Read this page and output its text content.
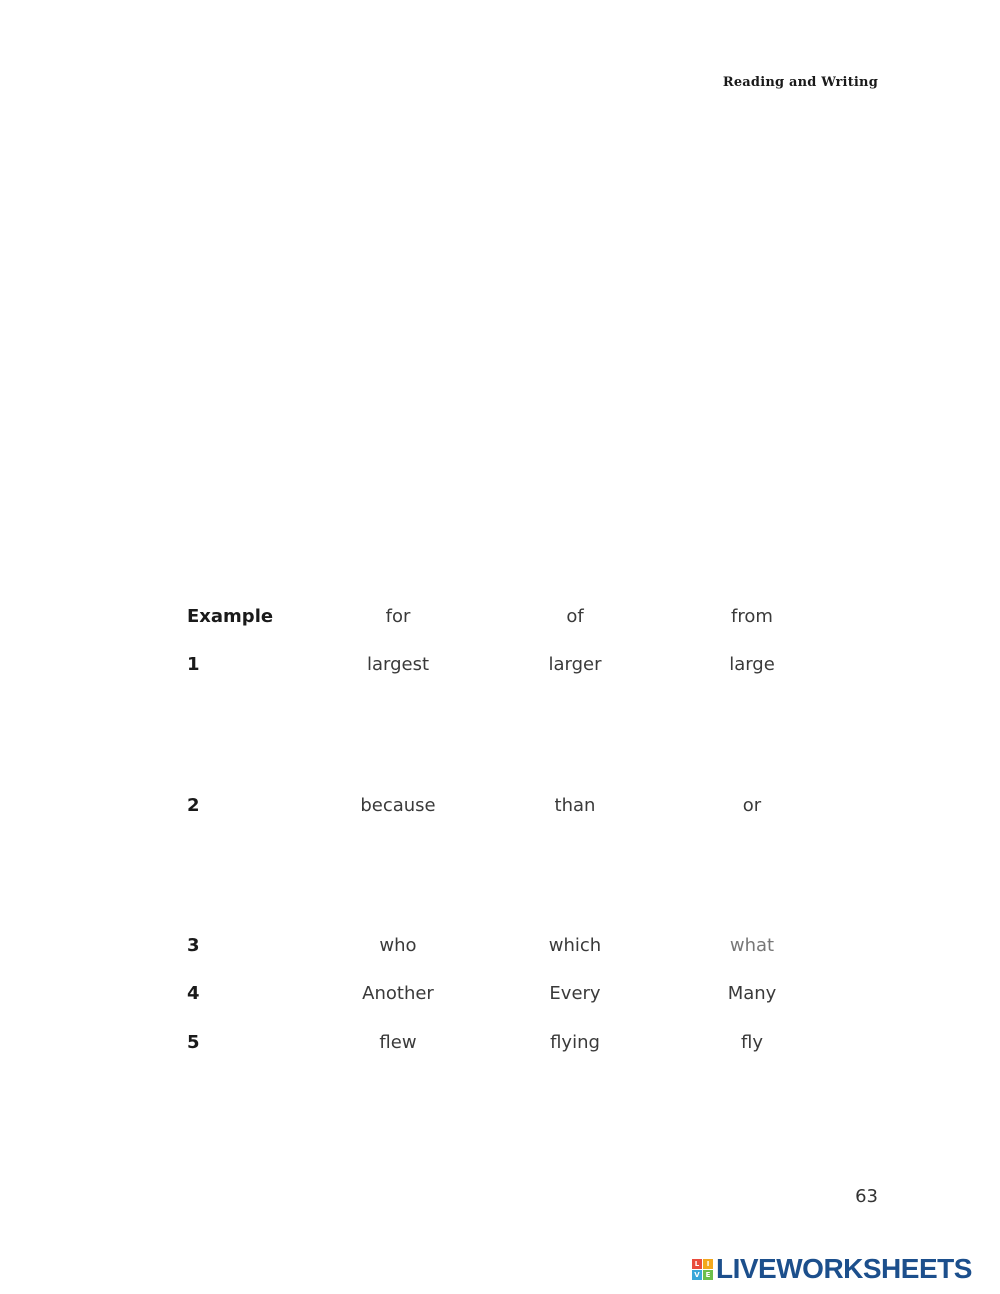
Reading and Writing
Example	for	of	from
1	largest	larger	large
2	because	than	or
3	who	which	what
4	Another	Every	Many
5	flew	flying	fly
63
L	I
V E LIVEWORKSHEETS
